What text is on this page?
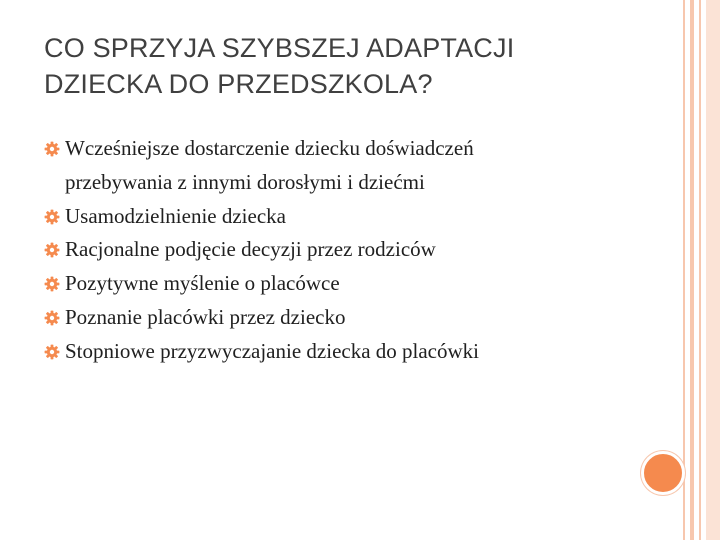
CO SPRZYJA SZYBSZEJ ADAPTACJI
DZIECKA DO PRZEDSZKOLA?
Wcześniejsze dostarczenie dziecku doświadczeń
przebywania z innymi dorosłymi i dziećmi
Usamodzielnienie dziecka
Racjonalne podjęcie decyzji przez rodziców
Pozytywne myślenie o placówce
Poznanie placówki przez dziecko
Stopniowe przyzwyczajanie dziecka do placówki
